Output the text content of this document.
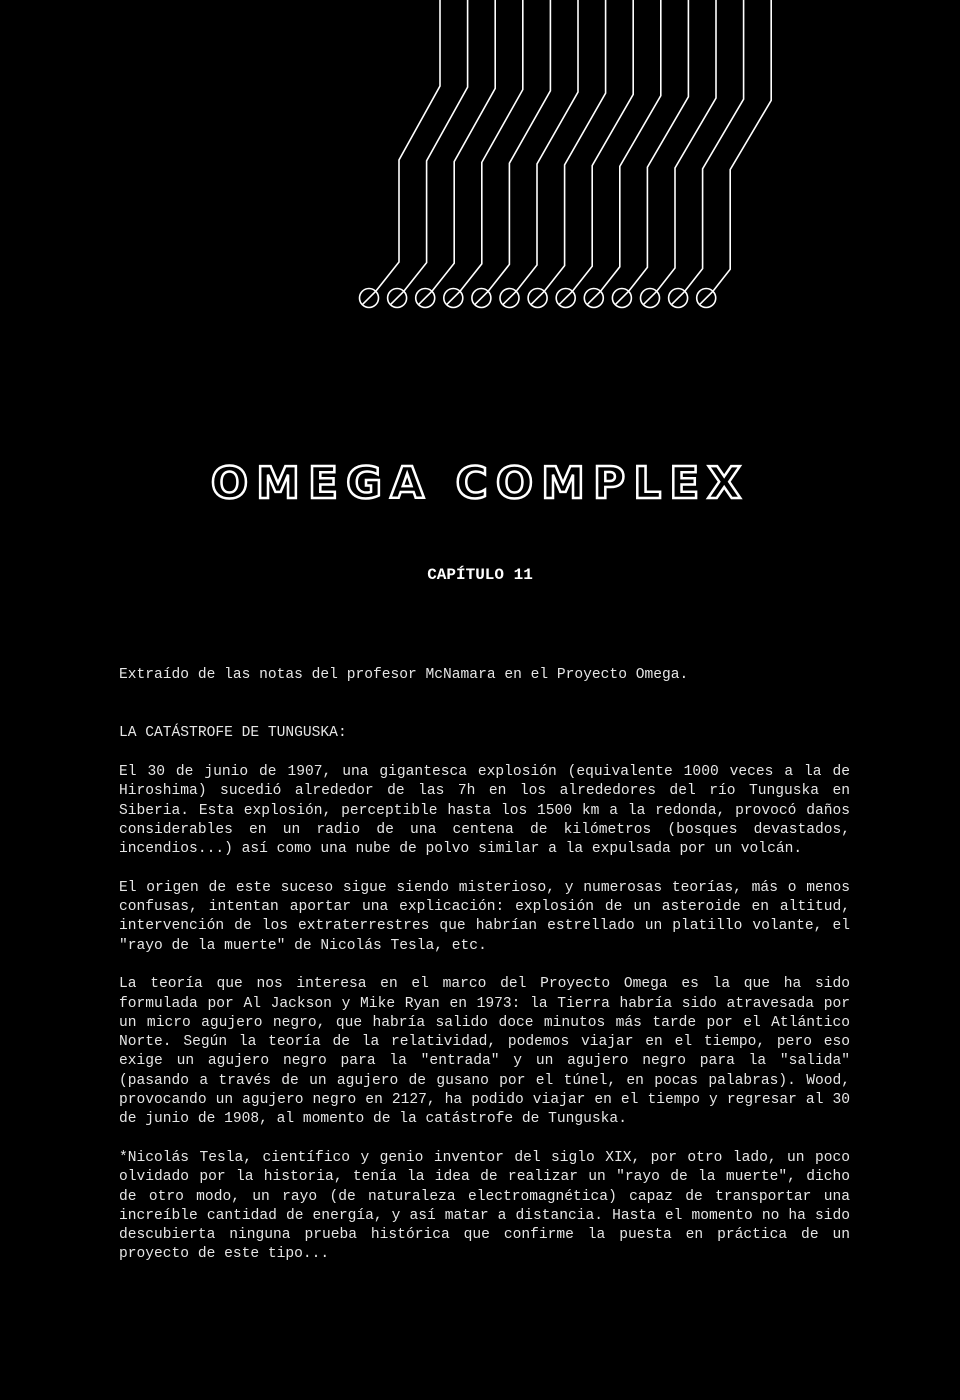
OMEGA COMPLEX
CAPÍTULO 11

Extraído de las notas del profesor McNamara en el Proyecto Omega.

LA CATÁSTROFE DE TUNGUSKA:

El 30 de junio de 1907, una gigantesca explosión (equivalente 1000 veces a la de Hiroshima) sucedió alrededor de las 7h en los alrededores del río Tunguska en Siberia. Esta explosión, perceptible hasta los 1500 km a la redonda, provocó daños considerables en un radio de una centena de kilómetros (bosques devastados, incendios...) así como una nube de polvo similar a la expulsada por un volcán.

El origen de este suceso sigue siendo misterioso, y numerosas teorías, más o menos confusas, intentan aportar una explicación: explosión de un asteroide en altitud, intervención de los extraterrestres que habrían estrellado un platillo volante, el "rayo de la muerte" de Nicolás Tesla, etc.

La teoría que nos interesa en el marco del Proyecto Omega es la que ha sido formulada por Al Jackson y Mike Ryan en 1973: la Tierra habría sido atravesada por un micro agujero negro, que habría salido doce minutos más tarde por el Atlántico Norte. Según la teoría de la relatividad, podemos viajar en el tiempo, pero eso exige un agujero negro para la "entrada" y un agujero negro para la "salida" (pasando a través de un agujero de gusano por el túnel, en pocas palabras). Wood, provocando un agujero negro en 2127, ha podido viajar en el tiempo y regresar al 30 de junio de 1908, al momento de la catástrofe de Tunguska.

*Nicolás Tesla, científico y genio inventor del siglo XIX, por otro lado, un poco olvidado por la historia, tenía la idea de realizar un "rayo de la muerte", dicho de otro modo, un rayo (de naturaleza electromagnética) capaz de transportar una increíble cantidad de energía, y así matar a distancia. Hasta el momento no ha sido descubierta ninguna prueba histórica que confirme la puesta en práctica de un proyecto de este tipo...
